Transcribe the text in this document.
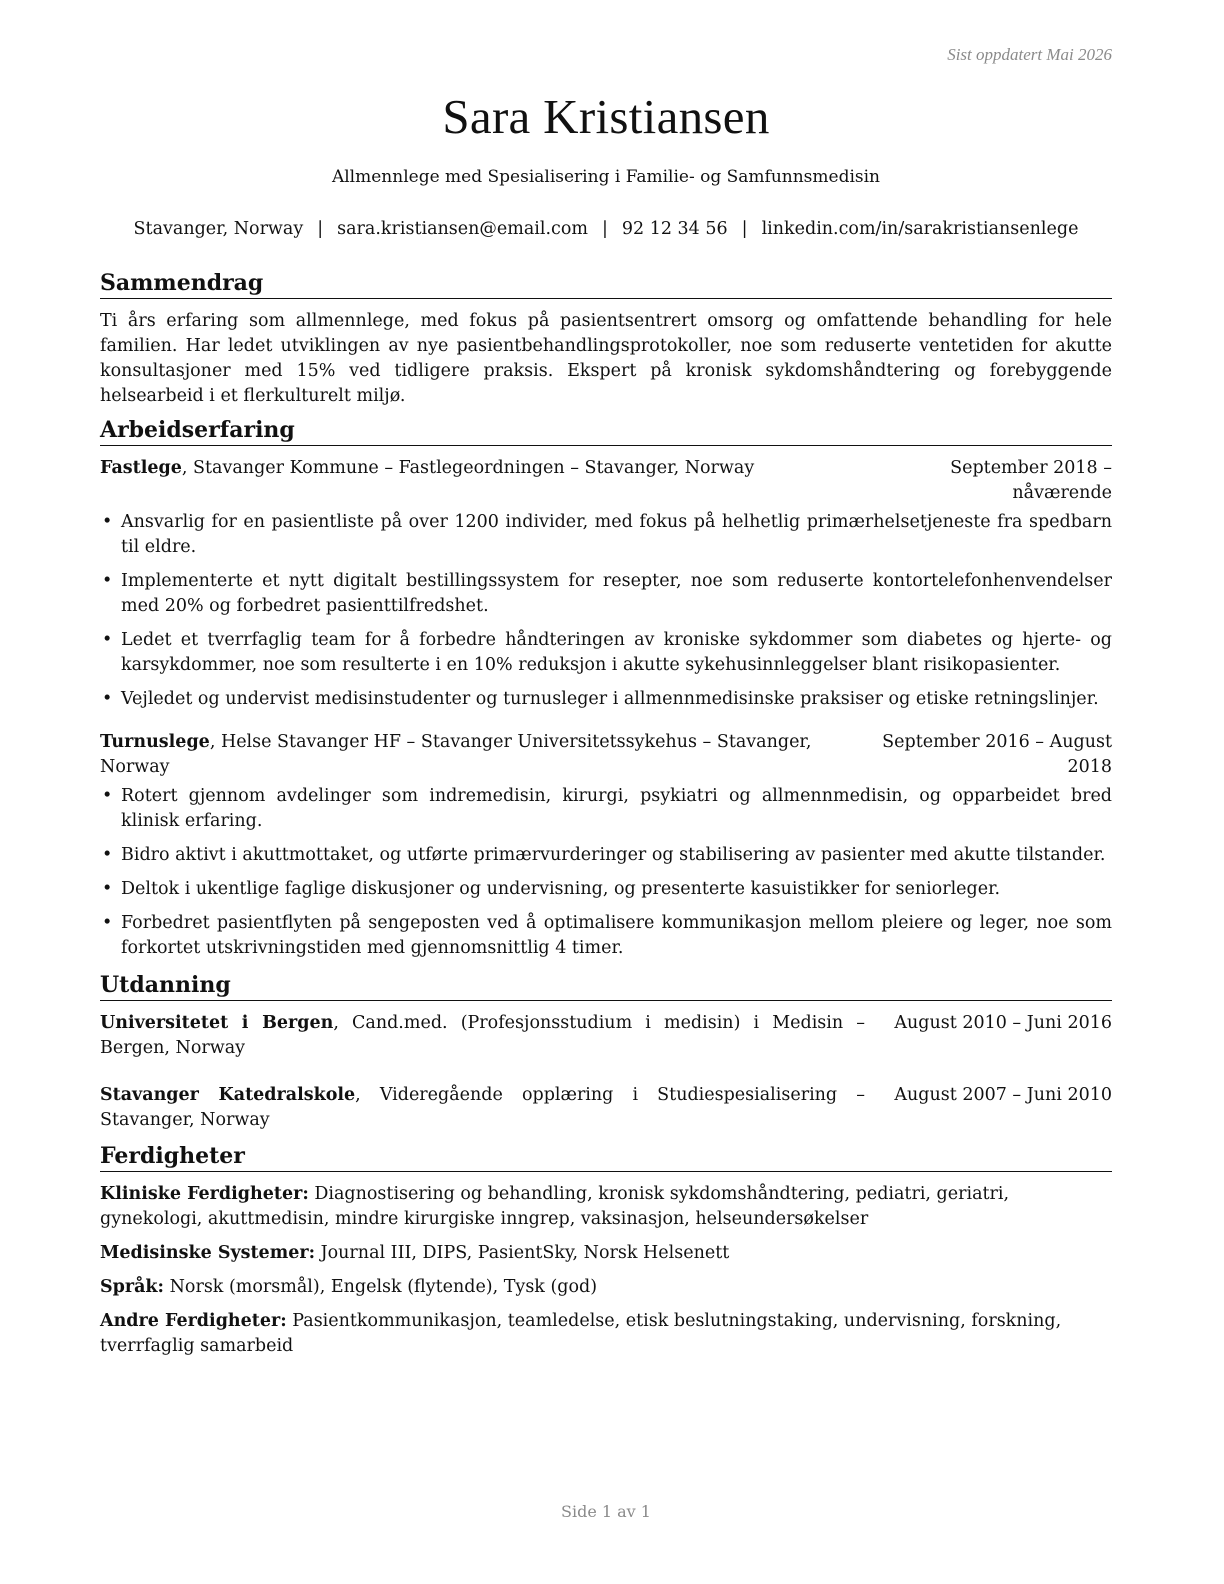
Sist oppdatert Mai 2026
Sara Kristiansen

Allmennlege med Spesialisering i Familie- og Samfunnsmedisin

Stavanger, Norway | sara.kristiansen@email.com | 92 12 34 56 | linkedin.com/in/sarakristiansenlege
Sammendrag

Ti års erfaring som allmennlege, med fokus på pasientsentrert omsorg og omfattende behandling for hele familien. Har ledet utviklingen av nye pasientbehandlingsprotokoller, noe som reduserte ventetiden for akutte konsultasjoner med 15% ved tidligere praksis. Ekspert på kronisk sykdomshåndtering og forebyggende helsearbeid i et flerkulturelt miljø.

Arbeidserfaring
Fastlege, Stavanger Kommune – Fastlegeordningen – Stavanger, Norway	September 2018 – nåværende
• Ansvarlig for en pasientliste på over 1200 individer, med fokus på helhetlig primærhelsetjeneste fra spedbarn til eldre.
• Implementerte et nytt digitalt bestillingssystem for resepter, noe som reduserte kontortelefonhenvendelser med 20% og forbedret pasienttilfredshet.
• Ledet et tverrfaglig team for å forbedre håndteringen av kroniske sykdommer som diabetes og hjerte- og karsykdommer, noe som resulterte i en 10% reduksjon i akutte sykehusinnleggelser blant risikopasienter.
• Vejledet og undervist medisinstudenter og turnusleger i allmennmedisinske praksiser og etiske retningslinjer.
Turnuslege, Helse Stavanger HF – Stavanger Universitetssykehus – Stavanger, Norway
September 2016 – August 2018
• Rotert gjennom avdelinger som indremedisin, kirurgi, psykiatri og allmennmedisin, og opparbeidet bred klinisk erfaring.
• Bidro aktivt i akuttmottaket, og utførte primærvurderinger og stabilisering av pasienter med akutte tilstander.
• Deltok i ukentlige faglige diskusjoner og undervisning, og presenterte kasuistikker for seniorleger.
• Forbedret pasientflyten på sengeposten ved å optimalisere kommunikasjon mellom pleiere og leger, noe som forkortet utskrivningstiden med gjennomsnittlig 4 timer.
Utdanning
Universitetet i Bergen, Cand.med. (Profesjonsstudium i medisin) i Medisin – Bergen, Norway
August 2010 – Juni 2016
Stavanger Katedralskole, Videregående opplæring i Studiespesialisering – Stavanger, Norway
August 2007 – Juni 2010
Ferdigheter

Kliniske Ferdigheter: Diagnostisering og behandling, kronisk sykdomshåndtering, pediatri, geriatri, gynekologi, akuttmedisin, mindre kirurgiske inngrep, vaksinasjon, helseundersøkelser

Medisinske Systemer: Journal III, DIPS, PasientSky, Norsk Helsenett

Språk: Norsk (morsmål), Engelsk (flytende), Tysk (god)

Andre Ferdigheter: Pasientkommunikasjon, teamledelse, etisk beslutningstaking, undervisning, forskning, tverrfaglig samarbeid

Side 1 av 1
